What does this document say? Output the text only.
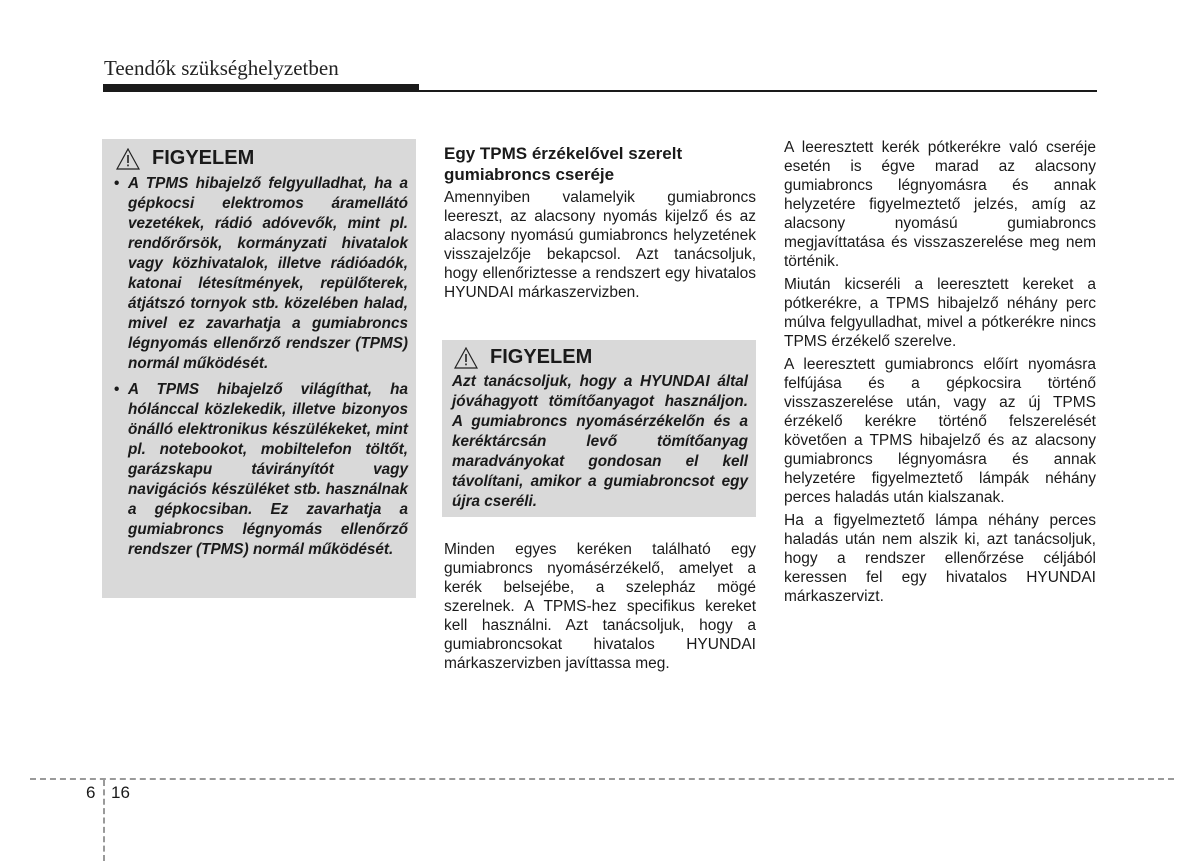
Teendők szükséghelyzetben
FIGYELEM
• A TPMS hibajelző felgyulladhat, ha a gépkocsi elektromos áramellátó vezetékek, rádió adóvevők, mint pl. rendőrőrsök, kormányzati hivatalok vagy közhivatalok, illetve rádióadók, katonai létesítmények, repülőterek, átjátszó tornyok stb. közelében halad, mivel ez zavarhatja a gumiabroncs légnyomás ellenőrző rendszer (TPMS) normál működését.
• A TPMS hibajelző világíthat, ha hólánccal közlekedik, illetve bizonyos önálló elektronikus készülékeket, mint pl. notebookot, mobiltelefon töltőt, garázskapu távirányítót vagy navigációs készüléket stb. használnak a gépkocsiban. Ez zavarhatja a gumiabroncs légnyomás ellenőrző rendszer (TPMS) normál működését.
Egy TPMS érzékelővel szerelt gumiabroncs cseréje

Amennyiben valamelyik gumiabroncs leereszt, az alacsony nyomás kijelző és az alacsony nyomású gumiabroncs helyzetének visszajelzője bekapcsol. Azt tanácsoljuk, hogy ellenőriztesse a rendszert egy hivatalos HYUNDAI márkaszervizben.

FIGYELEM

Azt tanácsoljuk, hogy a HYUNDAI által jóváhagyott tömítőanyagot használjon. A gumiabroncs nyomásérzékelőn és a keréktárcsán levő tömítőanyag maradványokat gondosan el kell távolítani, amikor a gumiabroncsot egy újra cseréli.

Minden egyes keréken található egy gumiabroncs nyomásérzékelő, amelyet a kerék belsejébe, a szelepház mögé szerelnek. A TPMS-hez specifikus kereket kell használni. Azt tanácsoljuk, hogy a gumiabroncsokat hivatalos HYUNDAI márkaszervizben javíttassa meg.

A leeresztett kerék pótkerékre való cseréje esetén is égve marad az alacsony gumiabroncs légnyomásra és annak helyzetére figyelmeztető jelzés, amíg az alacsony nyomású gumiabroncs megjavíttatása és visszaszerelése meg nem történik.

Miután kicseréli a leeresztett kereket a pótkerékre, a TPMS hibajelző néhány perc múlva felgyulladhat, mivel a pótkerékre nincs TPMS érzékelő szerelve.

A leeresztett gumiabroncs előírt nyomásra felfújása és a gépkocsira történő visszaszerelése után, vagy az új TPMS érzékelő kerékre történő felszerelését követően a TPMS hibajelző és az alacsony gumiabroncs légnyomásra és annak helyzetére figyelmeztető lámpák néhány perces haladás után kialszanak.

Ha a figyelmeztető lámpa néhány perces haladás után nem alszik ki, azt tanácsoljuk, hogy a rendszer ellenőrzése céljából keressen fel egy hivatalos HYUNDAI márkaszervizt.

6 16
